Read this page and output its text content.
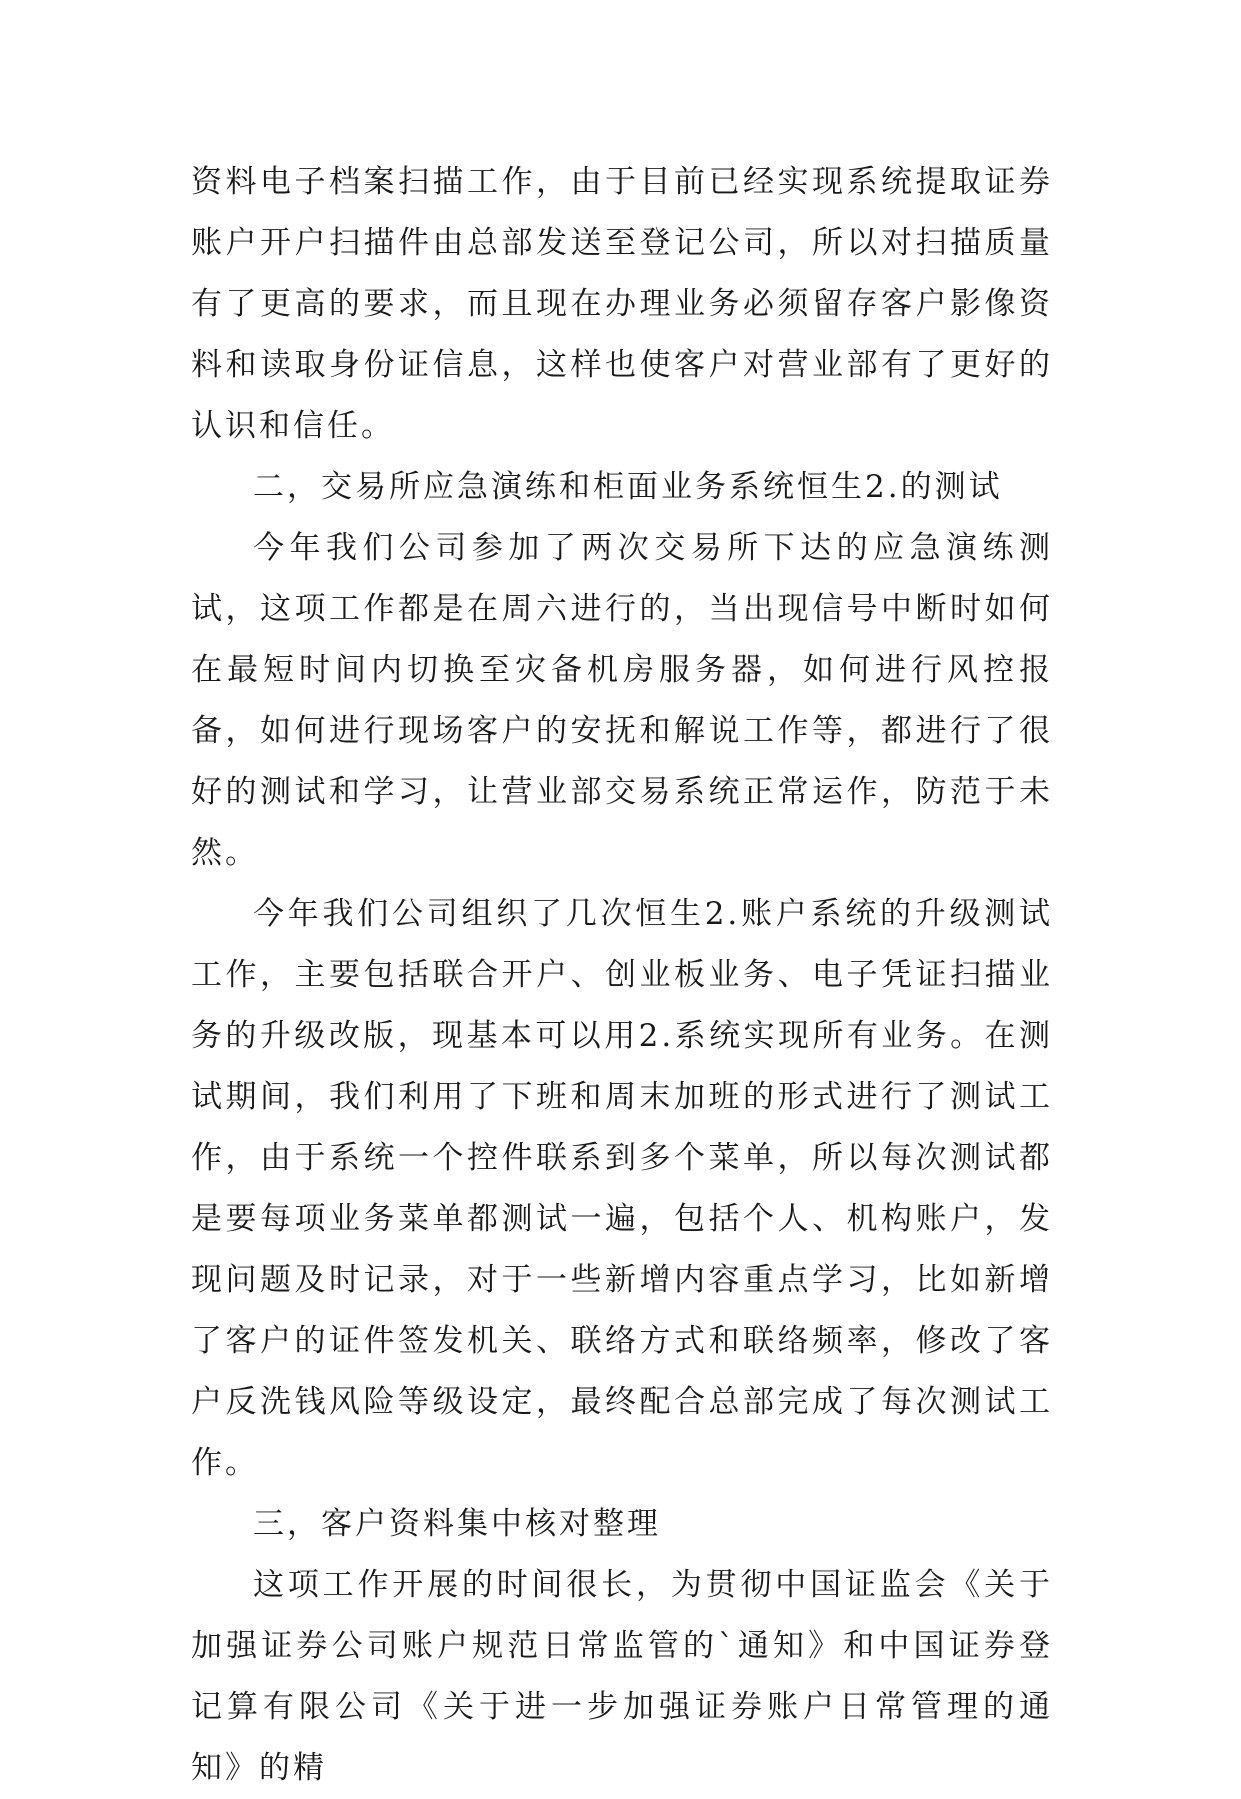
资料电子档案扫描工作，由于目前已经实现系统提取证券账户开户扫描件由总部发送至登记公司，所以对扫描质量有了更高的要求，而且现在办理业务必须留存客户影像资料和读取身份证信息，这样也使客户对营业部有了更好的认识和信任。

二，交易所应急演练和柜面业务系统恒生2.的测试

今年我们公司参加了两次交易所下达的应急演练测试，这项工作都是在周六进行的，当出现信号中断时如何在最短时间内切换至灾备机房服务器，如何进行风控报备，如何进行现场客户的安抚和解说工作等，都进行了很好的测试和学习，让营业部交易系统正常运作，防范于未然。

今年我们公司组织了几次恒生2.账户系统的升级测试工作，主要包括联合开户、创业板业务、电子凭证扫描业务的升级改版，现基本可以用2.系统实现所有业务。在测试期间，我们利用了下班和周末加班的形式进行了测试工作，由于系统一个控件联系到多个菜单，所以每次测试都是要每项业务菜单都测试一遍，包括个人、机构账户，发现问题及时记录，对于一些新增内容重点学习，比如新增了客户的证件签发机关、联络方式和联络频率，修改了客户反洗钱风险等级设定，最终配合总部完成了每次测试工作。

三，客户资料集中核对整理

这项工作开展的时间很长，为贯彻中国证监会《关于加强证券公司账户规范日常监管的`通知》和中国证券登记算有限公司《关于进一步加强证券账户日常管理的通知》的精
